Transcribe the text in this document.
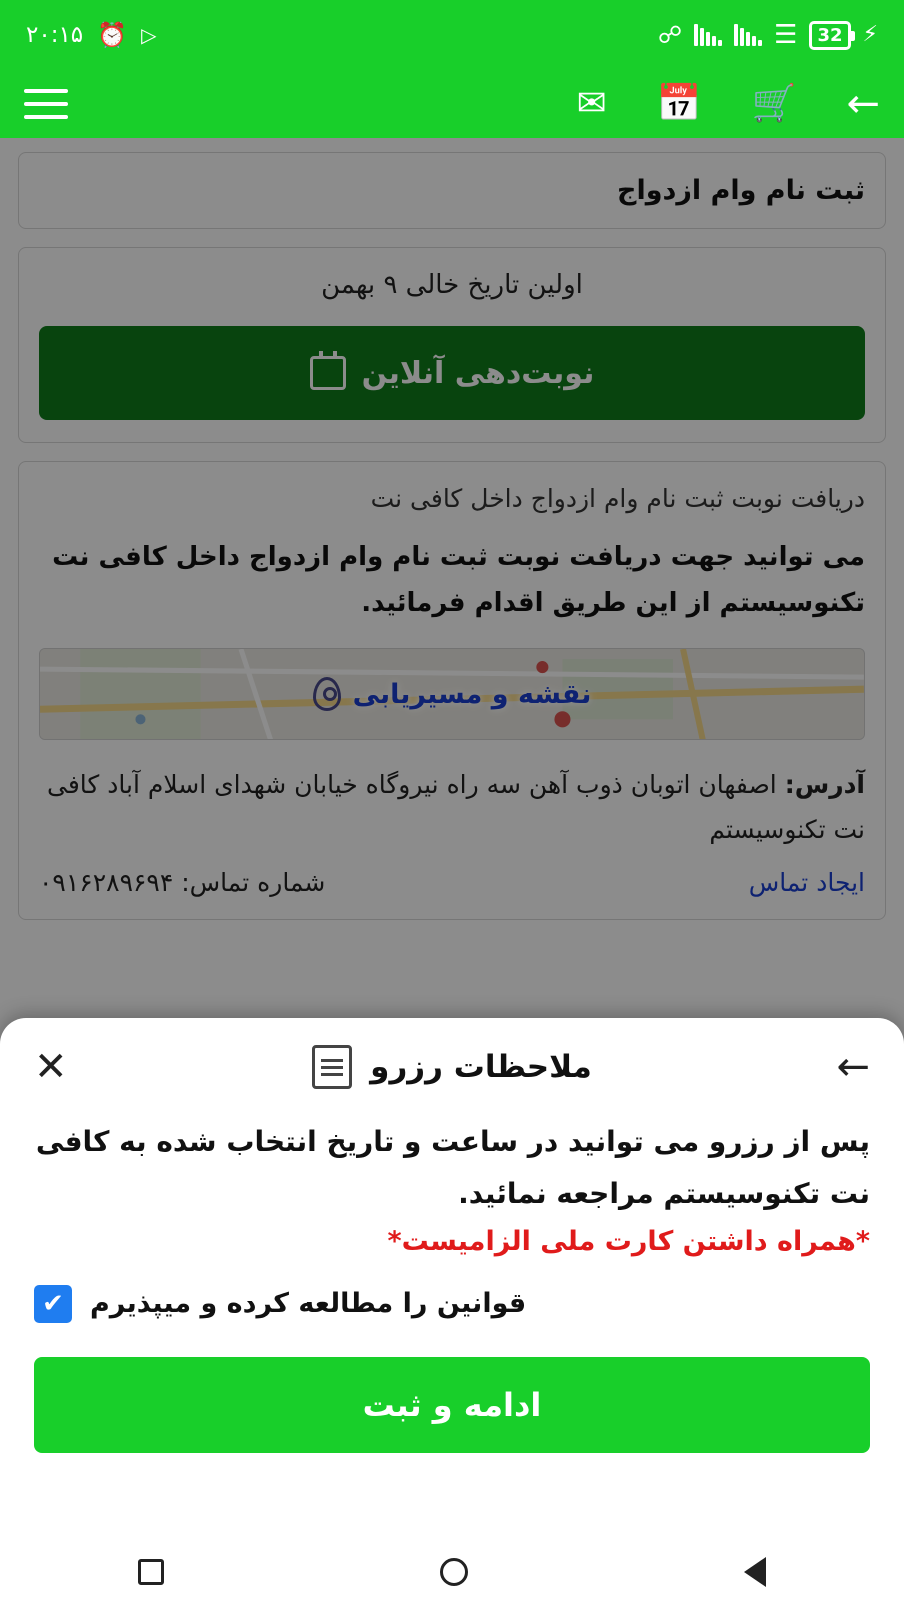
⚡
32
☰
☍
▷
⏰
۲۰:۱۵
←
🛒
📅
✉
ثبت نام وام ازدواج
اولین تاریخ خالی ۹ بهمن
نوبت‌دهی آنلاین
دریافت نوبت ثبت نام وام ازدواج داخل کافی نت
می توانید جهت دریافت نوبت ثبت نام وام ازدواج داخل کافی نت تکنوسیستم از این طریق اقدام فرمائید.
نقشه و مسیریابی
آدرس: اصفهان اتوبان ذوب آهن سه راه نیروگاه خیابان شهدای اسلام آباد کافی نت تکنوسیستم
ایجاد تماس
شماره تماس: ۰۹۱۶۲۸۹۶۹۴
←
ملاحظات رزرو
✕
پس از رزرو می توانید در ساعت و تاریخ انتخاب شده به کافی نت تکنوسیستم مراجعه نمائید.
*همراه داشتن کارت ملی الزامیست*
✔ قوانین را مطالعه کرده و میپذیرم
ادامه و ثبت
